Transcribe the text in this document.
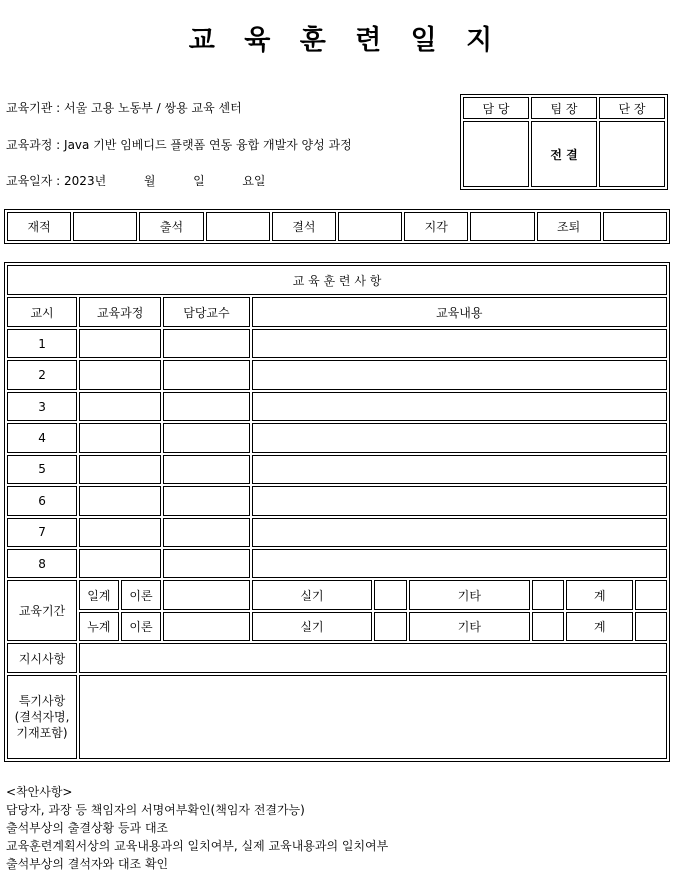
교 육 훈 련 일 지
교육기관 : 서울 고용 노동부 / 쌍용 교육 센터
교육과정 : Java 기반 임베디드 플랫폼 연동 융합 개발자 양성 과정
교육일자 : 2023년	월	일	요일
담 당	팀 장	단 장
	전 결	
재적		출석		결석		지각		조퇴	
교 육 훈 련 사 항									
교시	교육과정		담당교수	교육내용					
1									
2									
3									
4									
5									
6									
7									
8									
교육기간	일계	이론		실기		기타		계	
	누계	이론		실기		기타		계	
지시사항									
특기사항
(결석자명,
기재포함)									
<착안사항>
담당자, 과장 등 책임자의 서명여부확인(책임자 전결가능)
출석부상의 출결상황 등과 대조
교육훈련계획서상의 교육내용과의 일치여부, 실제 교육내용과의 일치여부
출석부상의 결석자와 대조 확인
